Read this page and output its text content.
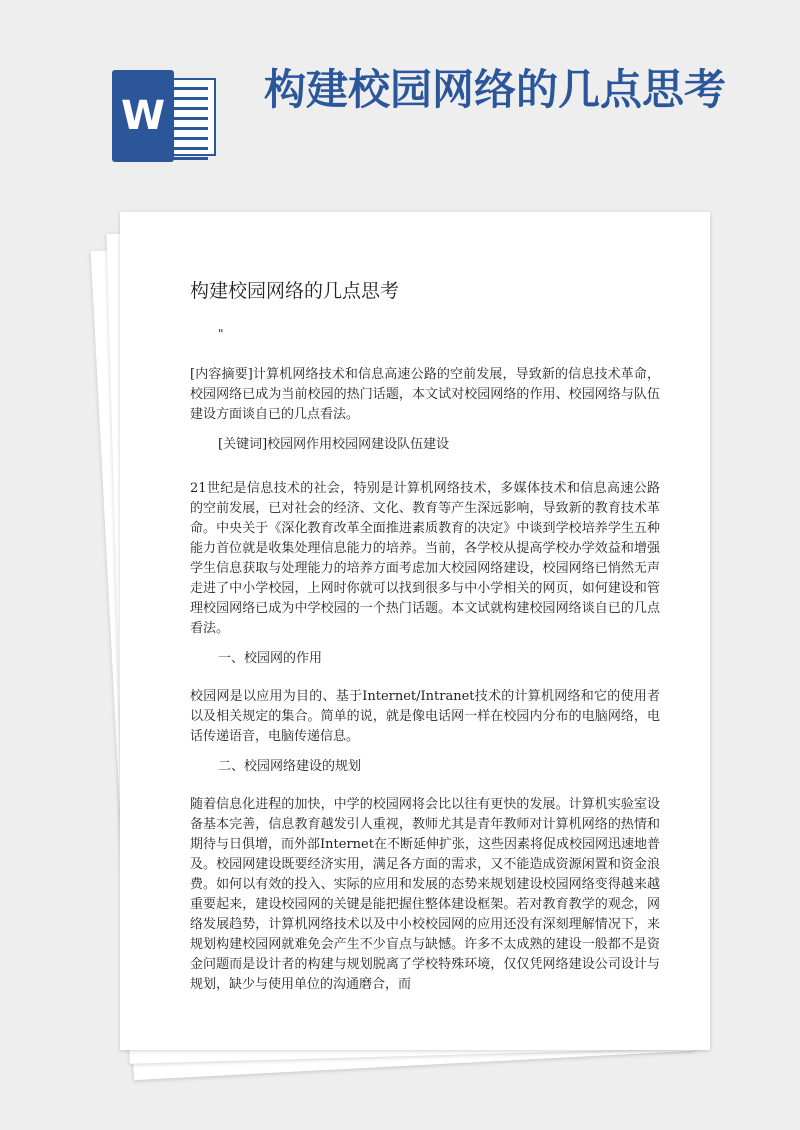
W
构建校园网络的几点思考
构建校园网络的几点思考
"

[内容摘要]计算机网络技术和信息高速公路的空前发展，导致新的信息技术革命，校园网络已成为当前校园的热门话题，本文试对校园网络的作用、校园网络与队伍建设方面谈自已的几点看法。

[关键词]校园网作用校园网建设队伍建设

21世纪是信息技术的社会，特别是计算机网络技术，多媒体技术和信息高速公路的空前发展，已对社会的经济、文化、教育等产生深远影响，导致新的教育技术革命。中央关于《深化教育改革全面推进素质教育的决定》中谈到学校培养学生五种能力首位就是收集处理信息能力的培养。当前，各学校从提高学校办学效益和增强学生信息获取与处理能力的培养方面考虑加大校园网络建设，校园网络已悄然无声走进了中小学校园，上网时你就可以找到很多与中小学相关的网页，如何建设和管理校园网络已成为中学校园的一个热门话题。本文试就构建校园网络谈自已的几点看法。

一、校园网的作用

校园网是以应用为目的、基于Internet/Intranet技术的计算机网络和它的使用者以及相关规定的集合。简单的说，就是像电话网一样在校园内分布的电脑网络，电话传递语音，电脑传递信息。

二、校园网络建设的规划

随着信息化进程的加快，中学的校园网将会比以往有更快的发展。计算机实验室设备基本完善，信息教育越发引人重视，教师尤其是青年教师对计算机网络的热情和期待与日俱增，而外部Internet在不断延伸扩张，这些因素将促成校园网迅速地普及。校园网建设既要经济实用，满足各方面的需求，又不能造成资源闲置和资金浪费。如何以有效的投入、实际的应用和发展的态势来规划建设校园网络变得越来越重要起来，建设校园网的关键是能把握住整体建设框架。若对教育教学的观念，网络发展趋势，计算机网络技术以及中小校校园网的应用还没有深刻理解情况下，来规划构建校园网就难免会产生不少盲点与缺憾。许多不太成熟的建设一般都不是资金问题而是设计者的构建与规划脱离了学校特殊环境，仅仅凭网络建设公司设计与规划，缺少与使用单位的沟通磨合，而
